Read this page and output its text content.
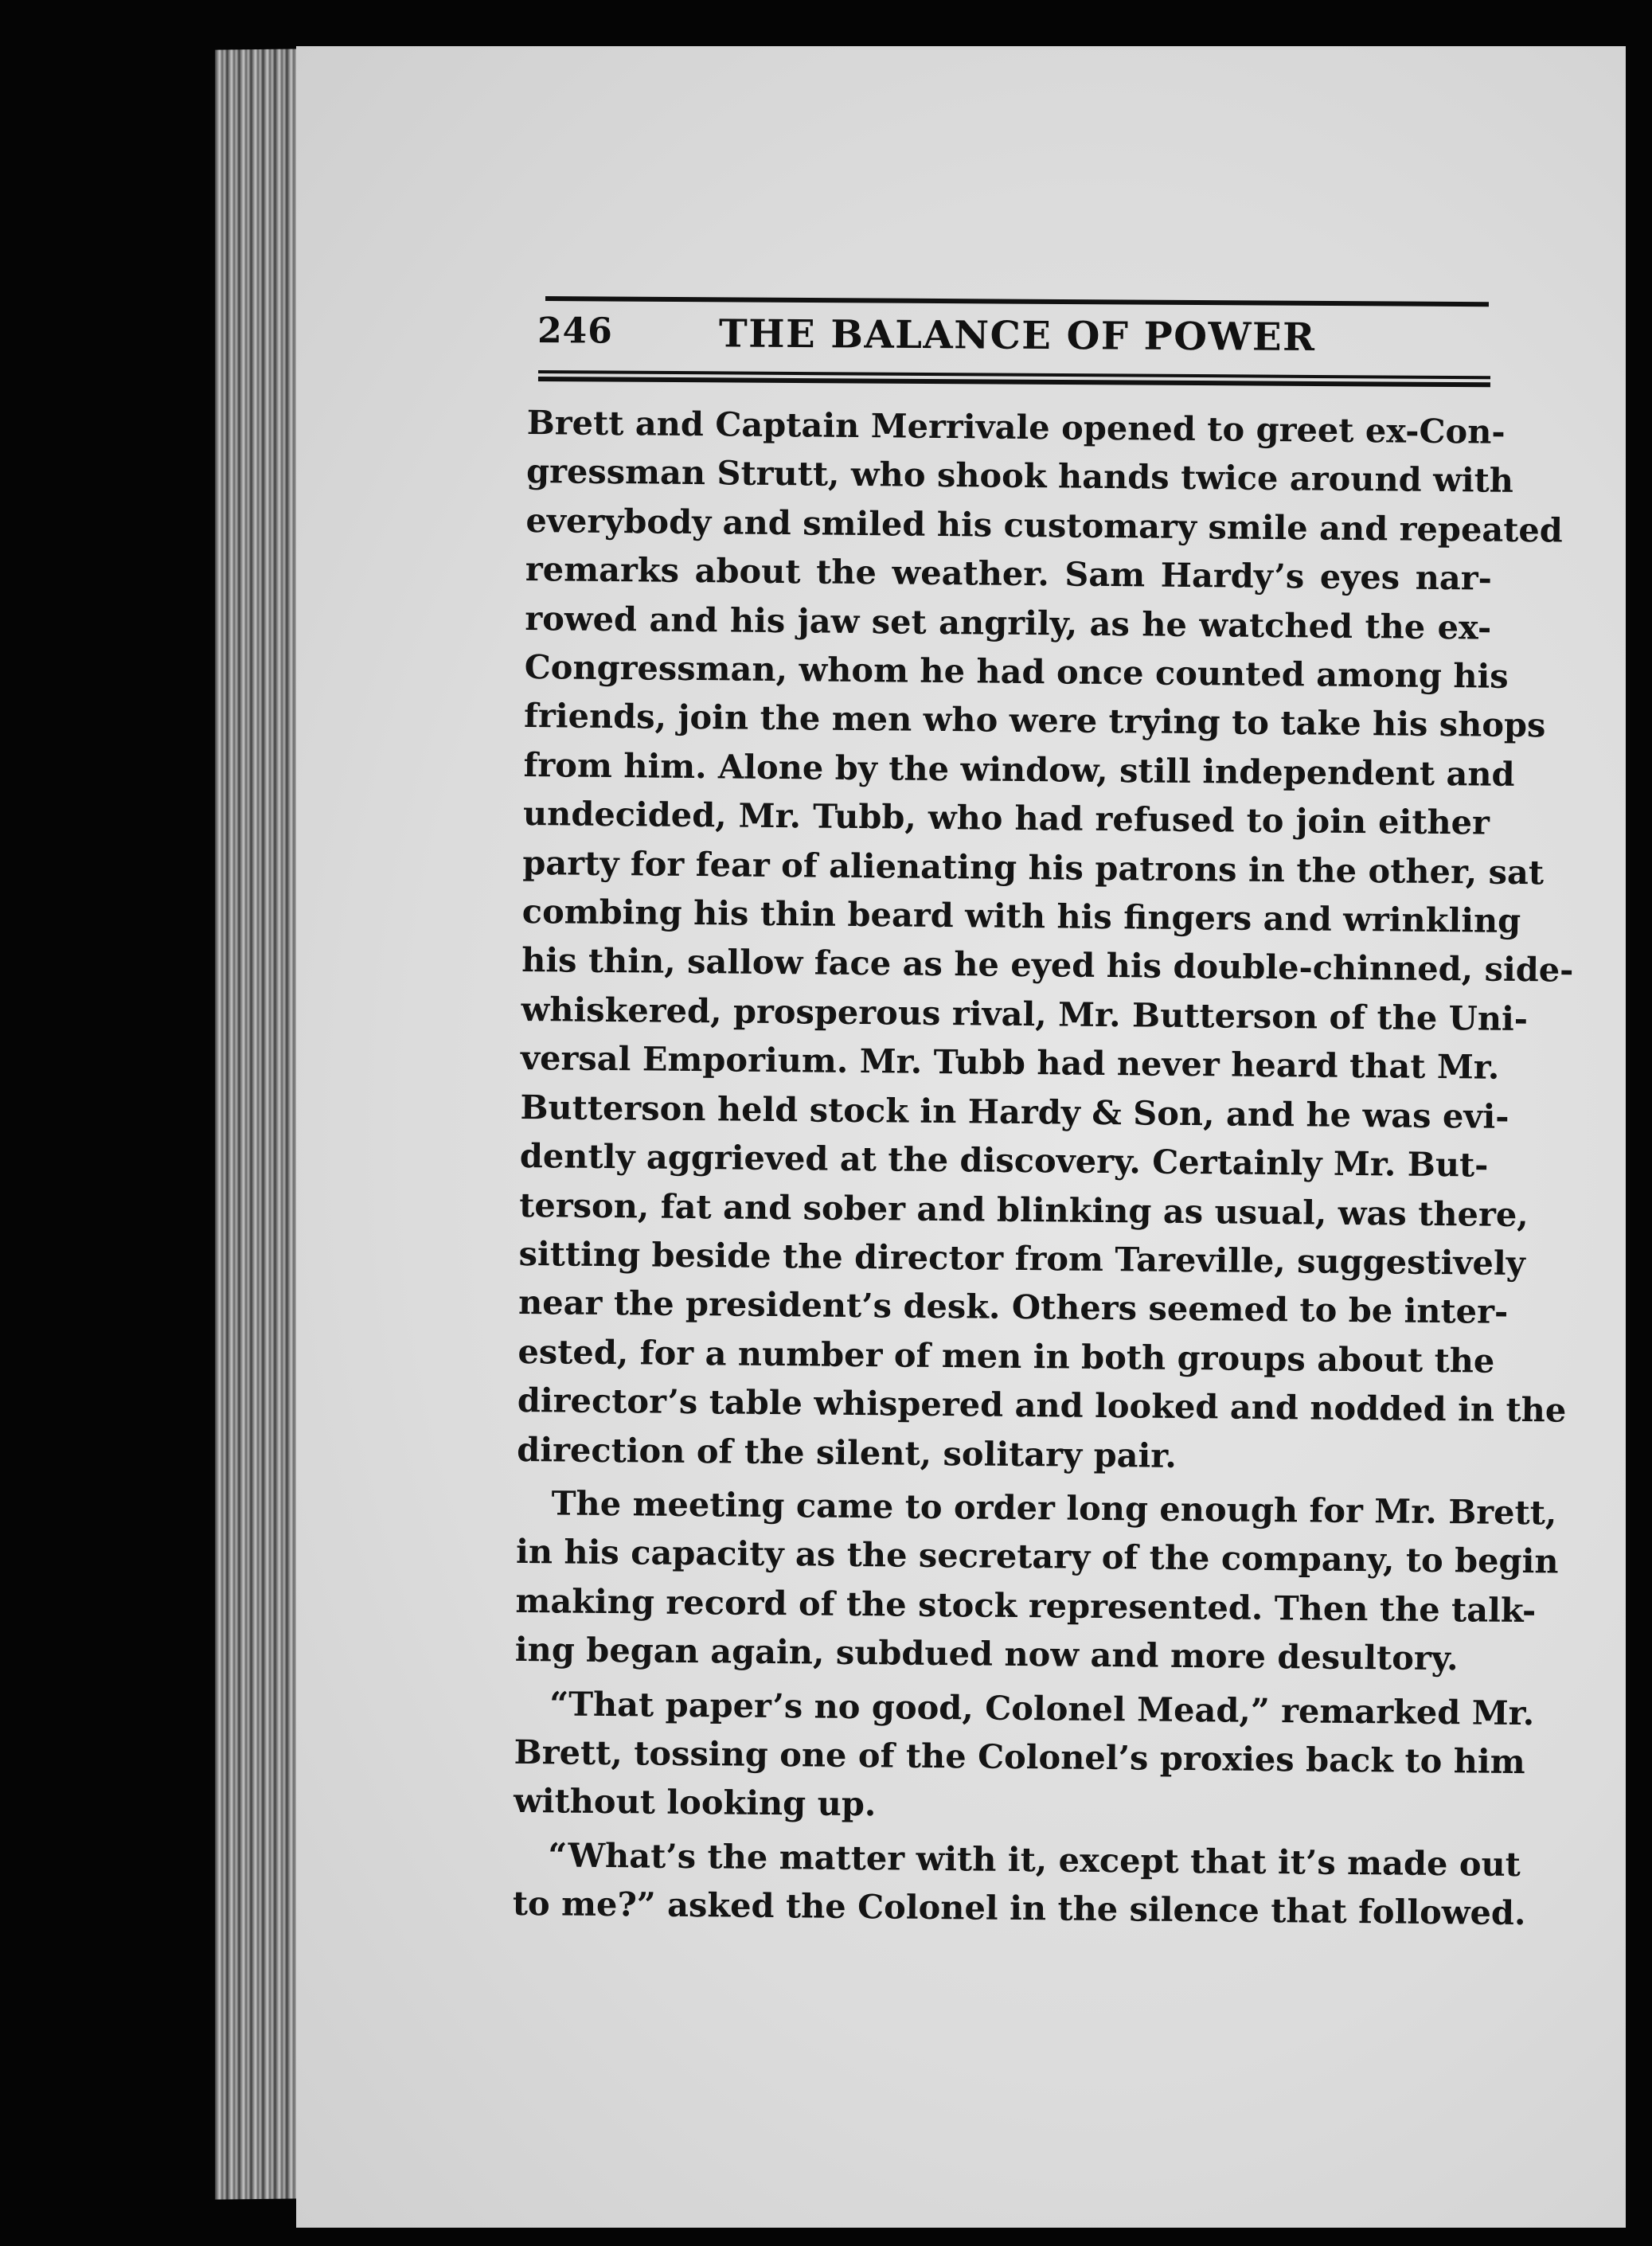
246	THE BALANCE OF POWER

Brett and Captain Merrivale opened to greet ex-Con-
gressman Strutt, who shook hands twice around with
everybody and smiled his customary smile and repeated
remarks about the weather. Sam Hardy’s eyes nar-
rowed and his jaw set angrily, as he watched the ex-
Congressman, whom he had once counted among his
friends, join the men who were trying to take his shops
from him. Alone by the window, still independent and
undecided, Mr. Tubb, who had refused to join either
party for fear of alienating his patrons in the other, sat
combing his thin beard with his fingers and wrinkling
his thin, sallow face as he eyed his double-chinned, side-
whiskered, prosperous rival, Mr. Butterson of the Uni-
versal Emporium. Mr. Tubb had never heard that Mr.
Butterson held stock in Hardy & Son, and he was evi-
dently aggrieved at the discovery. Certainly Mr. But-
terson, fat and sober and blinking as usual, was there,
sitting beside the director from Tareville, suggestively
near the president’s desk. Others seemed to be inter-
ested, for a number of men in both groups about the
director’s table whispered and looked and nodded in the
direction of the silent, solitary pair.

The meeting came to order long enough for Mr. Brett,
in his capacity as the secretary of the company, to begin
making record of the stock represented. Then the talk-
ing began again, subdued now and more desultory.

“That paper’s no good, Colonel Mead,” remarked Mr.
Brett, tossing one of the Colonel’s proxies back to him
without looking up.

“What’s the matter with it, except that it’s made out
to me?” asked the Colonel in the silence that followed.
